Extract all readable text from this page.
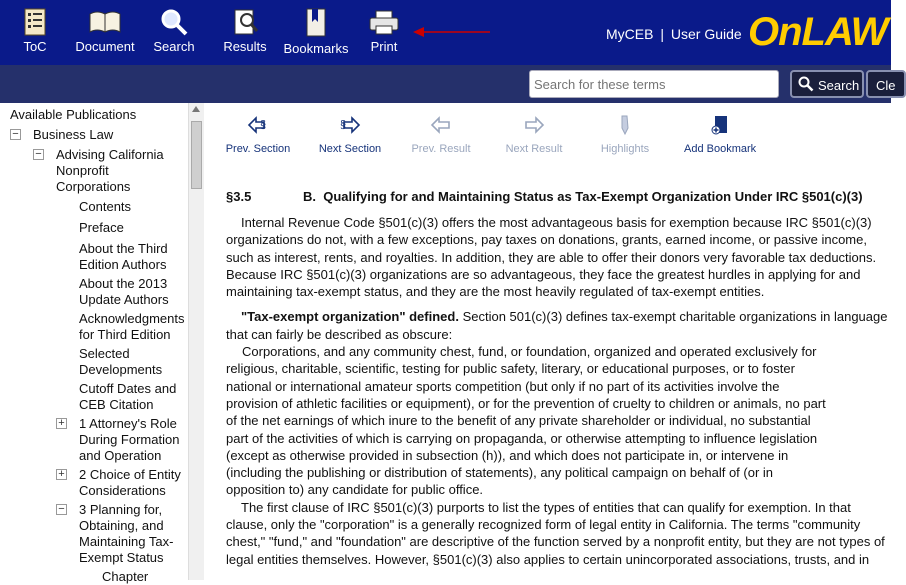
ToC	Document Search Results Bookmarks	Print
MyCEB | User Guide OnLAW
Search for these terms
Search	Cle
Available Publications
− Business Law
− Advising California
Nonprofit
Corporations
Contents
Preface
About the Third
Edition Authors
About the 2013
Update Authors
Acknowledgments
for Third Edition
Selected
Developments
Cutoff Dates and
CEB Citation
+ 1 Attorney's Role
During Formation
and Operation
+ 2 Choice of Entity
Considerations
− 3 Planning for,
Obtaining, and
Maintaining Tax-
Exempt Status
Chapter
§
Prev. Section
§
Next Section	Prev. Result	Next Result	Highlights	Add Bookmark
§3.5	B.  Qualifying for and Maintaining Status as Tax-Exempt Organization Under IRC §501(c)(3)

Internal Revenue Code §501(c)(3) offers the most advantageous basis for exemption because IRC §501(c)(3) organizations do not, with a few exceptions, pay taxes on donations, grants, earned income, or passive income, such as interest, rents, and royalties. In addition, they are able to offer their donors very favorable tax deductions. Because IRC §501(c)(3) organizations are so advantageous, they face the greatest hurdles in applying for and maintaining tax-exempt status, and they are the most heavily regulated of tax-exempt entities.

"Tax-exempt organization" defined. Section 501(c)(3) defines tax-exempt charitable organizations in language that can fairly be described as obscure:

Corporations, and any community chest, fund, or foundation, organized and operated exclusively for religious, charitable, scientific, testing for public safety, literary, or educational purposes, or to foster national or international amateur sports competition (but only if no part of its activities involve the provision of athletic facilities or equipment), or for the prevention of cruelty to children or animals, no part of the net earnings of which inure to the benefit of any private shareholder or individual, no substantial part of the activities of which is carrying on propaganda, or otherwise attempting to influence legislation (except as otherwise provided in subsection (h)), and which does not participate in, or intervene in (including the publishing or distribution of statements), any political campaign on behalf of (or in opposition to) any candidate for public office.

The first clause of IRC §501(c)(3) purports to list the types of entities that can qualify for exemption. In that clause, only the "corporation" is a generally recognized form of legal entity in California. The terms "community chest," "fund," and "foundation" are descriptive of the function served by a nonprofit entity, but they are not types of legal entities themselves. However, §501(c)(3) also applies to certain unincorporated associations, trusts, and in
